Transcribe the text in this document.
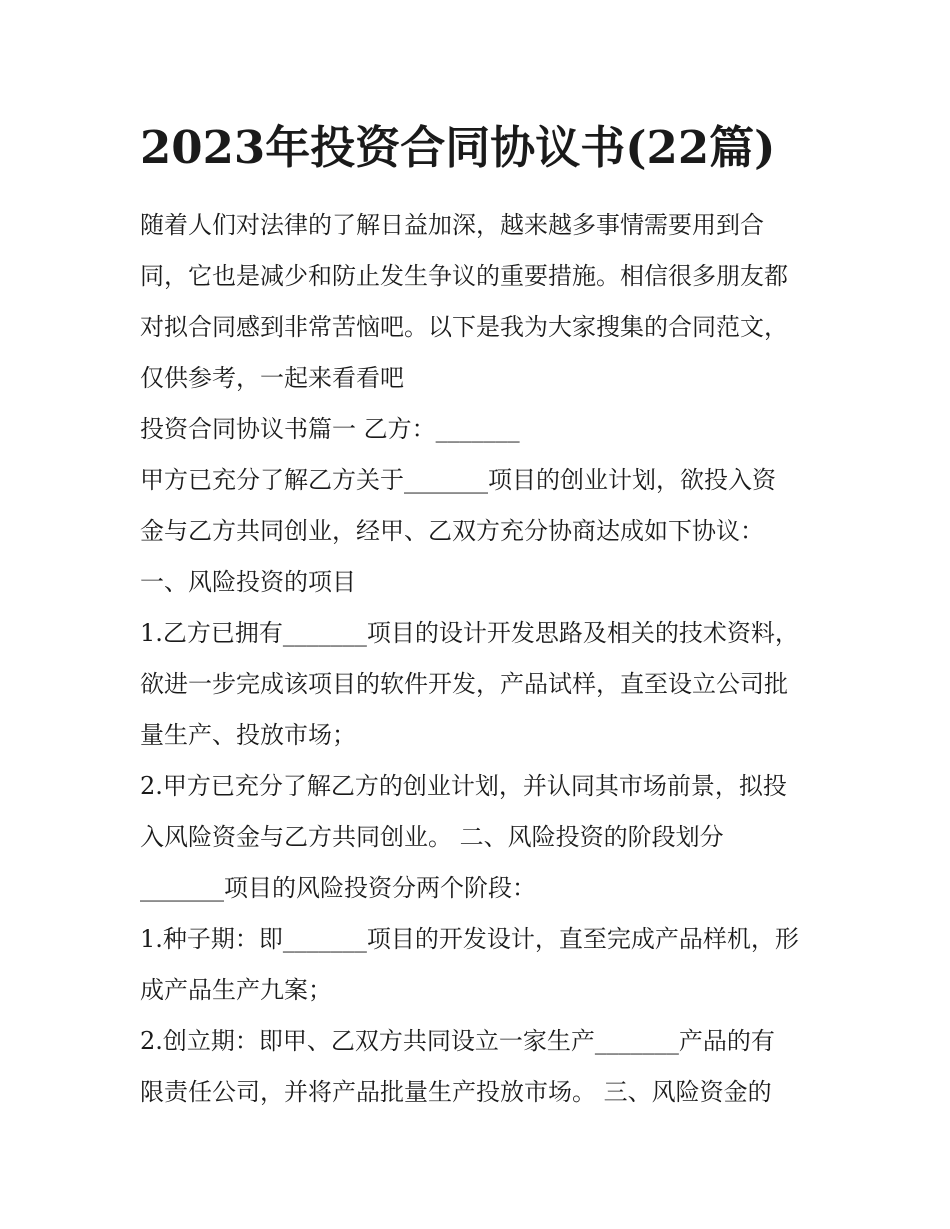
2023年投资合同协议书(22篇)

随着人们对法律的了解日益加深，越来越多事情需要用到合

同，它也是减少和防止发生争议的重要措施。相信很多朋友都

对拟合同感到非常苦恼吧。以下是我为大家搜集的合同范文，

仅供参考，一起来看看吧

投资合同协议书篇一 乙方：_______

甲方已充分了解乙方关于_______项目的创业计划，欲投入资

金与乙方共同创业，经甲、乙双方充分协商达成如下协议：

一、风险投资的项目

1.乙方已拥有_______项目的设计开发思路及相关的技术资料，

欲进一步完成该项目的软件开发，产品试样，直至设立公司批

量生产、投放市场；

2.甲方已充分了解乙方的创业计划，并认同其市场前景，拟投

入风险资金与乙方共同创业。 二、风险投资的阶段划分

_______项目的风险投资分两个阶段：

1.种子期：即_______项目的开发设计，直至完成产品样机，形

成产品生产九案；

2.创立期：即甲、乙双方共同设立一家生产_______产品的有

限责任公司，并将产品批量生产投放市场。 三、风险资金的
